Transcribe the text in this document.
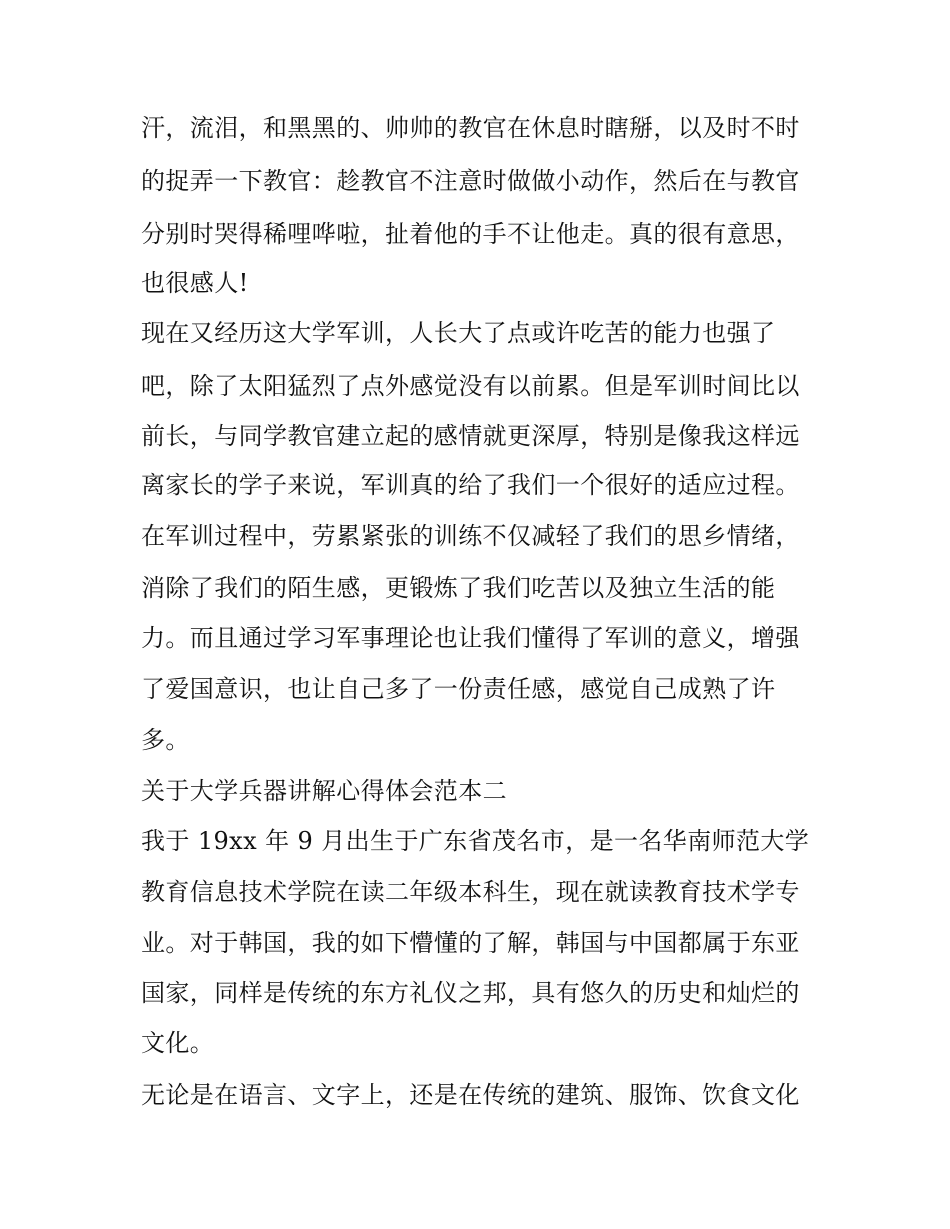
汗，流泪，和黑黑的、帅帅的教官在休息时瞎掰，以及时不时
的捉弄一下教官：趁教官不注意时做做小动作，然后在与教官
分别时哭得稀哩哗啦，扯着他的手不让他走。真的很有意思，
也很感人!
现在又经历这大学军训，人长大了点或许吃苦的能力也强了
吧，除了太阳猛烈了点外感觉没有以前累。但是军训时间比以
前长，与同学教官建立起的感情就更深厚，特别是像我这样远
离家长的学子来说，军训真的给了我们一个很好的适应过程。
在军训过程中，劳累紧张的训练不仅减轻了我们的思乡情绪，
消除了我们的陌生感，更锻炼了我们吃苦以及独立生活的能
力。而且通过学习军事理论也让我们懂得了军训的意义，增强
了爱国意识，也让自己多了一份责任感，感觉自己成熟了许
多。
关于大学兵器讲解心得体会范本二
我于 19xx 年 9 月出生于广东省茂名市，是一名华南师范大学
教育信息技术学院在读二年级本科生，现在就读教育技术学专
业。对于韩国，我的如下懵懂的了解，韩国与中国都属于东亚
国家，同样是传统的东方礼仪之邦，具有悠久的历史和灿烂的
文化。
无论是在语言、文字上，还是在传统的建筑、服饰、饮食文化
